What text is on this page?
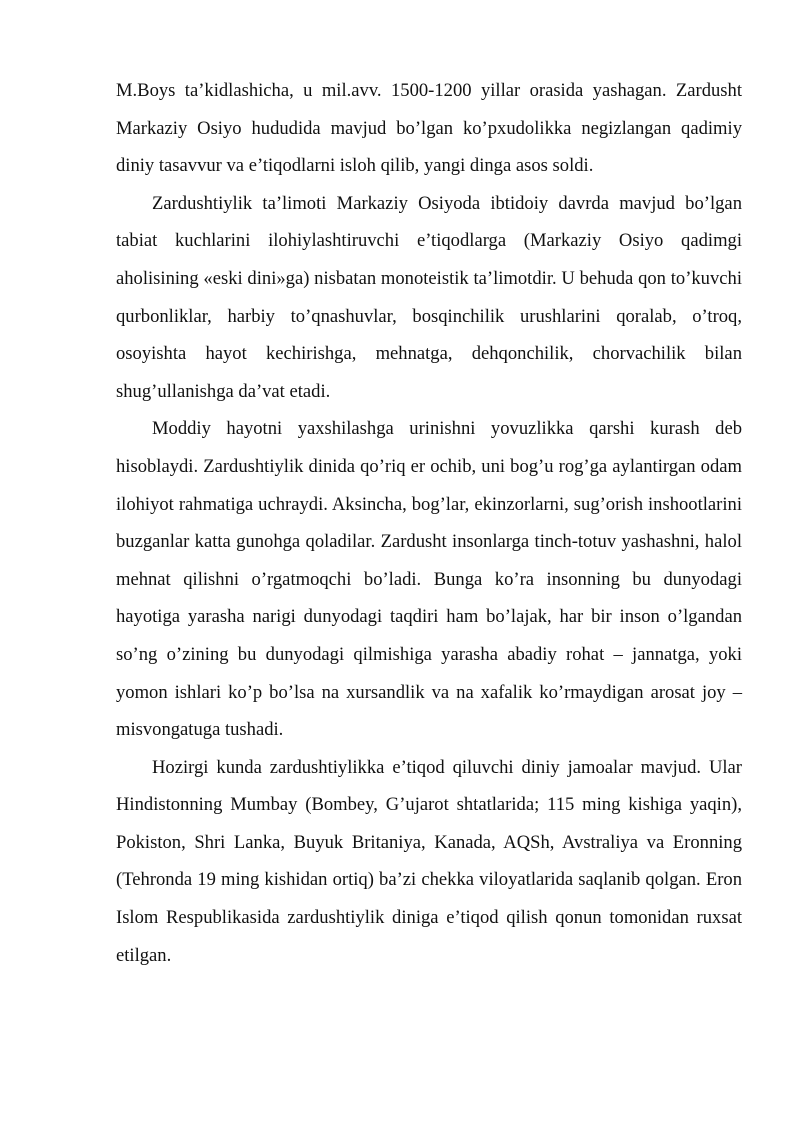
M.Boys ta’kidlashicha, u mil.avv. 1500-1200 yillar orasida yashagan. Zardusht Markaziy Osiyo hududida mavjud bo’lgan ko’pxudolikka negizlangan qadimiy diniy tasavvur va e’tiqodlarni isloh qilib, yangi dinga asos soldi.

Zardushtiylik ta’limoti Markaziy Osiyoda ibtidoiy davrda mavjud bo’lgan tabiat kuchlarini ilohiylashtiruvchi e’tiqodlarga (Markaziy Osiyo qadimgi aholisining «eski dini»ga) nisbatan monoteistik ta’limotdir. U behuda qon to’kuvchi qurbonliklar, harbiy to’qnashuvlar, bosqinchilik urushlarini qoralab, o’troq, osoyishta hayot kechirishga, mehnatga, dehqonchilik, chorvachilik bilan shug’ullanishga da’vat etadi.

Moddiy hayotni yaxshilashga urinishni yovuzlikka qarshi kurash deb hisoblaydi. Zardushtiylik dinida qo’riq er ochib, uni bog’u rog’ga aylantirgan odam ilohiyot rahmatiga uchraydi. Aksincha, bog’lar, ekinzorlarni, sug’orish inshootlarini buzganlar katta gunohga qoladilar. Zardusht insonlarga tinch-totuv yashashni, halol mehnat qilishni o’rgatmoqchi bo’ladi. Bunga ko’ra insonning bu dunyodagi hayotiga yarasha narigi dunyodagi taqdiri ham bo’lajak, har bir inson o’lgandan so’ng o’zining bu dunyodagi qilmishiga yarasha abadiy rohat – jannatga, yoki yomon ishlari ko’p bo’lsa na xursandlik va na xafalik ko’rmaydigan arosat joy – misvongatuga tushadi.

Hozirgi kunda zardushtiylikka e’tiqod qiluvchi diniy jamoalar mavjud. Ular Hindistonning Mumbay (Bombey, G’ujarot shtatlarida; 115 ming kishiga yaqin), Pokiston, Shri Lanka, Buyuk Britaniya, Kanada, AQSh, Avstraliya va Eronning (Tehronda 19 ming kishidan ortiq) ba’zi chekka viloyatlarida saqlanib qolgan. Eron Islom Respublikasida zardushtiylik diniga e’tiqod qilish qonun tomonidan ruxsat etilgan.
